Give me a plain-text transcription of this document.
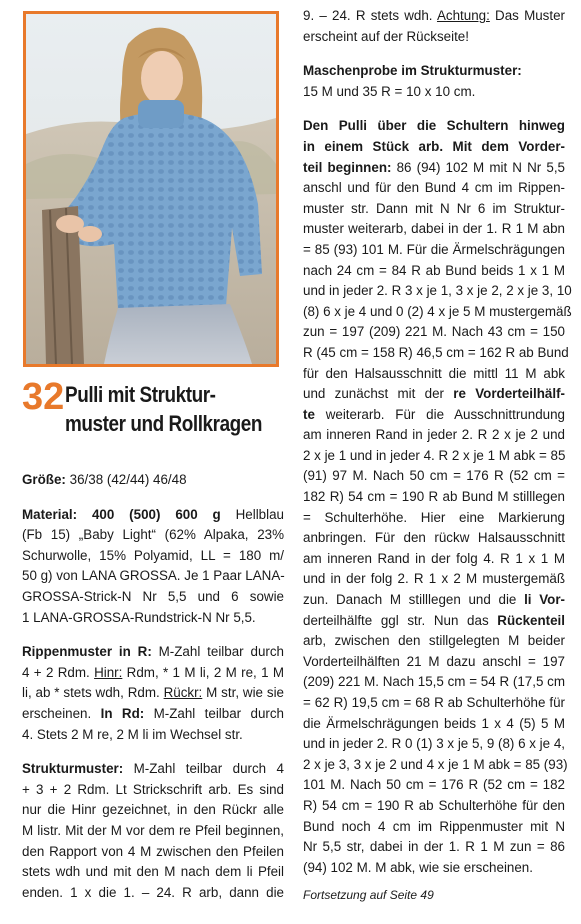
32 Pulli mit Struktur-
muster und Rollkragen

Größe: 36/38 (42/44) 46/48

Material: 400 (500) 600 g Hellblau
(Fb 15) „Baby Light“ (62% Alpaka, 23%
Schurwolle, 15% Polyamid, LL = 180 m/
50 g) von LANA GROSSA. Je 1 Paar LANA-
GROSSA-Strick-N Nr 5,5 und 6 sowie
1 LANA-GROSSA-Rundstrick-N Nr 5,5.

Rippenmuster in R: M-Zahl teilbar durch
4 + 2 Rdm. Hinr: Rdm, * 1 M li, 2 M re, 1 M
li, ab * stets wdh, Rdm. Rückr: M str, wie sie
erscheinen. In Rd: M-Zahl teilbar durch
4. Stets 2 M re, 2 M li im Wechsel str.

Strukturmuster: M-Zahl teilbar durch 4
+ 3 + 2 Rdm. Lt Strickschrift arb. Es sind
nur die Hinr gezeichnet, in den Rückr alle
M listr. Mit der M vor dem re Pfeil beginnen,
den Rapport von 4 M zwischen den Pfeilen
stets wdh und mit den M nach dem li Pfeil
enden. 1 x die 1. – 24. R arb, dann die

9. – 24. R stets wdh. Achtung: Das Muster
erscheint auf der Rückseite!

Maschenprobe im Strukturmuster:
15 M und 35 R = 10 x 10 cm.

Den Pulli über die Schultern hinweg
in einem Stück arb. Mit dem Vorder-
teil beginnen: 86 (94) 102 M mit N Nr 5,5
anschl und für den Bund 4 cm im Rippen-
muster str. Dann mit N Nr 6 im Struktur-
muster weiterarb, dabei in der 1. R 1 M abn
= 85 (93) 101 M. Für die Ärmelschrägungen
nach 24 cm = 84 R ab Bund beids 1 x 1 M
und in jeder 2. R 3 x je 1, 3 x je 2, 2 x je 3, 10
(8) 6 x je 4 und 0 (2) 4 x je 5 M mustergemäß
zun = 197 (209) 221 M. Nach 43 cm = 150
R (45 cm = 158 R) 46,5 cm = 162 R ab Bund
für den Halsausschnitt die mittl 11 M abk
und zunächst mit der re Vorderteilhälf-
te weiterarb. Für die Ausschnittrundung
am inneren Rand in jeder 2. R 2 x je 2 und
2 x je 1 und in jeder 4. R 2 x je 1 M abk = 85
(91) 97 M. Nach 50 cm = 176 R (52 cm =
182 R) 54 cm = 190 R ab Bund M stilllegen
= Schulterhöhe. Hier eine Markierung
anbringen. Für den rückw Halsausschnitt
am inneren Rand in der folg 4. R 1 x 1 M
und in der folg 2. R 1 x 2 M mustergemäß
zun. Danach M stilllegen und die li Vor-
derteilhälfte ggl str. Nun das Rückenteil
arb, zwischen den stillgelegten M beider
Vorderteilhälften 21 M dazu anschl = 197
(209) 221 M. Nach 15,5 cm = 54 R (17,5 cm
= 62 R) 19,5 cm = 68 R ab Schulterhöhe für
die Ärmelschrägungen beids 1 x 4 (5) 5 M
und in jeder 2. R 0 (1) 3 x je 5, 9 (8) 6 x je 4,
2 x je 3, 3 x je 2 und 4 x je 1 M abk = 85 (93)
101 M. Nach 50 cm = 176 R (52 cm = 182
R) 54 cm = 190 R ab Schulterhöhe für den
Bund noch 4 cm im Rippenmuster mit N
Nr 5,5 str, dabei in der 1. R 1 M zun = 86
(94) 102 M. M abk, wie sie erscheinen.

Fortsetzung auf Seite 49
